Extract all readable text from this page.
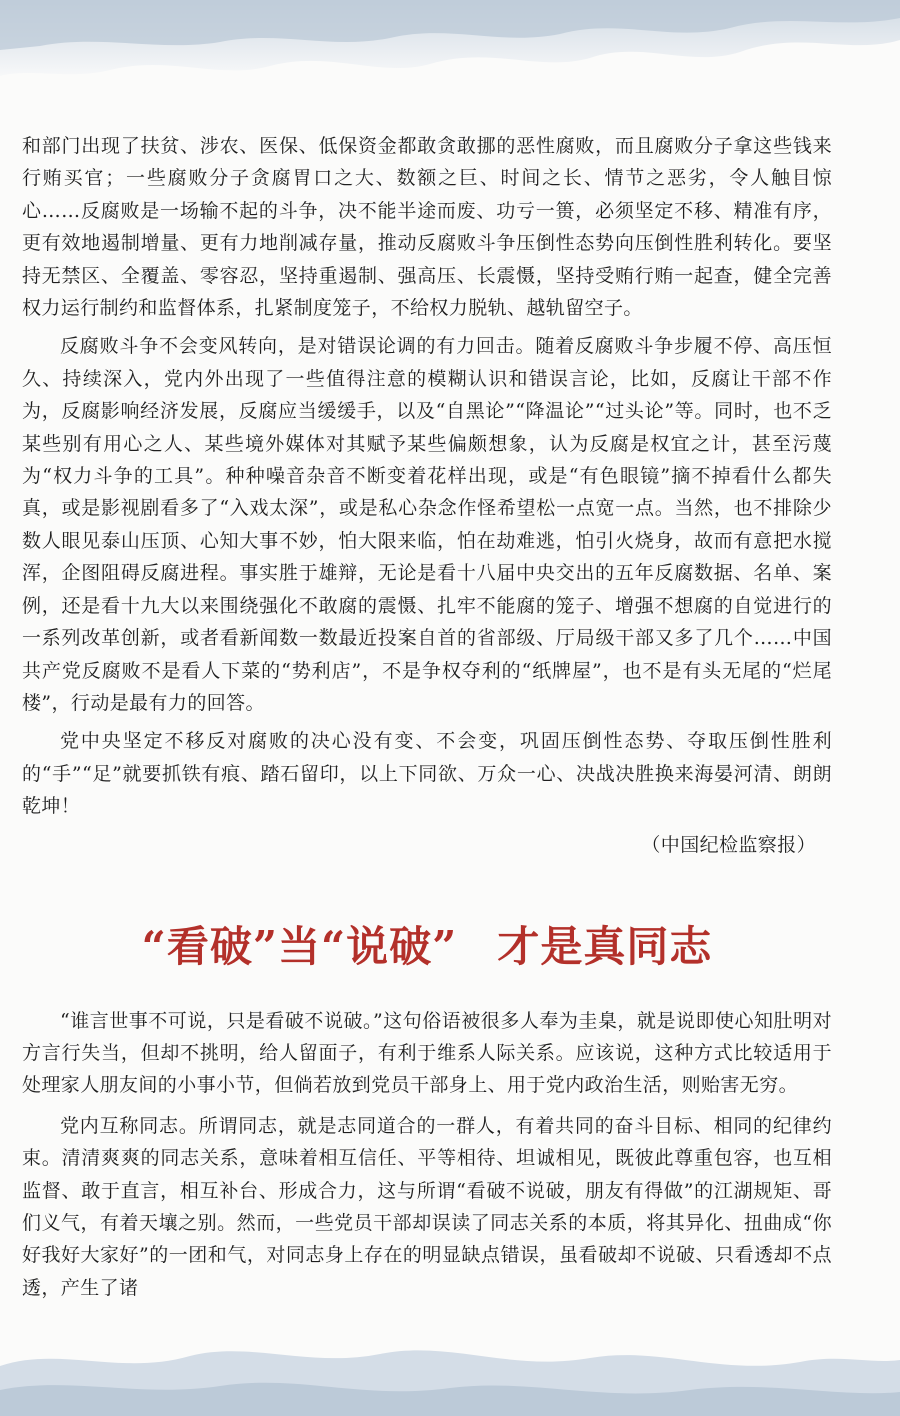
和部门出现了扶贫、涉农、医保、低保资金都敢贪敢挪的恶性腐败，而且腐败分子拿这些钱来行贿买官；一些腐败分子贪腐胃口之大、数额之巨、时间之长、情节之恶劣，令人触目惊心……反腐败是一场输不起的斗争，决不能半途而废、功亏一篑，必须坚定不移、精准有序，更有效地遏制增量、更有力地削减存量，推动反腐败斗争压倒性态势向压倒性胜利转化。要坚持无禁区、全覆盖、零容忍，坚持重遏制、强高压、长震慑，坚持受贿行贿一起查，健全完善权力运行制约和监督体系，扎紧制度笼子，不给权力脱轨、越轨留空子。

反腐败斗争不会变风转向，是对错误论调的有力回击。随着反腐败斗争步履不停、高压恒久、持续深入，党内外出现了一些值得注意的模糊认识和错误言论，比如，反腐让干部不作为，反腐影响经济发展，反腐应当缓缓手，以及“自黑论”“降温论”“过头论”等。同时，也不乏某些别有用心之人、某些境外媒体对其赋予某些偏颇想象，认为反腐是权宜之计，甚至污蔑为“权力斗争的工具”。种种噪音杂音不断变着花样出现，或是“有色眼镜”摘不掉看什么都失真，或是影视剧看多了“入戏太深”，或是私心杂念作怪希望松一点宽一点。当然，也不排除少数人眼见泰山压顶、心知大事不妙，怕大限来临，怕在劫难逃，怕引火烧身，故而有意把水搅浑，企图阻碍反腐进程。事实胜于雄辩，无论是看十八届中央交出的五年反腐数据、名单、案例，还是看十九大以来围绕强化不敢腐的震慑、扎牢不能腐的笼子、增强不想腐的自觉进行的一系列改革创新，或者看新闻数一数最近投案自首的省部级、厅局级干部又多了几个……中国共产党反腐败不是看人下菜的“势利店”，不是争权夺利的“纸牌屋”，也不是有头无尾的“烂尾楼”，行动是最有力的回答。

党中央坚定不移反对腐败的决心没有变、不会变，巩固压倒性态势、夺取压倒性胜利的“手”“足”就要抓铁有痕、踏石留印，以上下同欲、万众一心、决战决胜换来海晏河清、朗朗乾坤！

（中国纪检监察报）
“看破”当“说破” 才是真同志

“谁言世事不可说，只是看破不说破。”这句俗语被很多人奉为圭臬，就是说即使心知肚明对方言行失当，但却不挑明，给人留面子，有利于维系人际关系。应该说，这种方式比较适用于处理家人朋友间的小事小节，但倘若放到党员干部身上、用于党内政治生活，则贻害无穷。

党内互称同志。所谓同志，就是志同道合的一群人，有着共同的奋斗目标、相同的纪律约束。清清爽爽的同志关系，意味着相互信任、平等相待、坦诚相见，既彼此尊重包容，也互相监督、敢于直言，相互补台、形成合力，这与所谓“看破不说破，朋友有得做”的江湖规矩、哥们义气，有着天壤之别。然而，一些党员干部却误读了同志关系的本质，将其异化、扭曲成“你好我好大家好”的一团和气，对同志身上存在的明显缺点错误，虽看破却不说破、只看透却不点透，产生了诸
